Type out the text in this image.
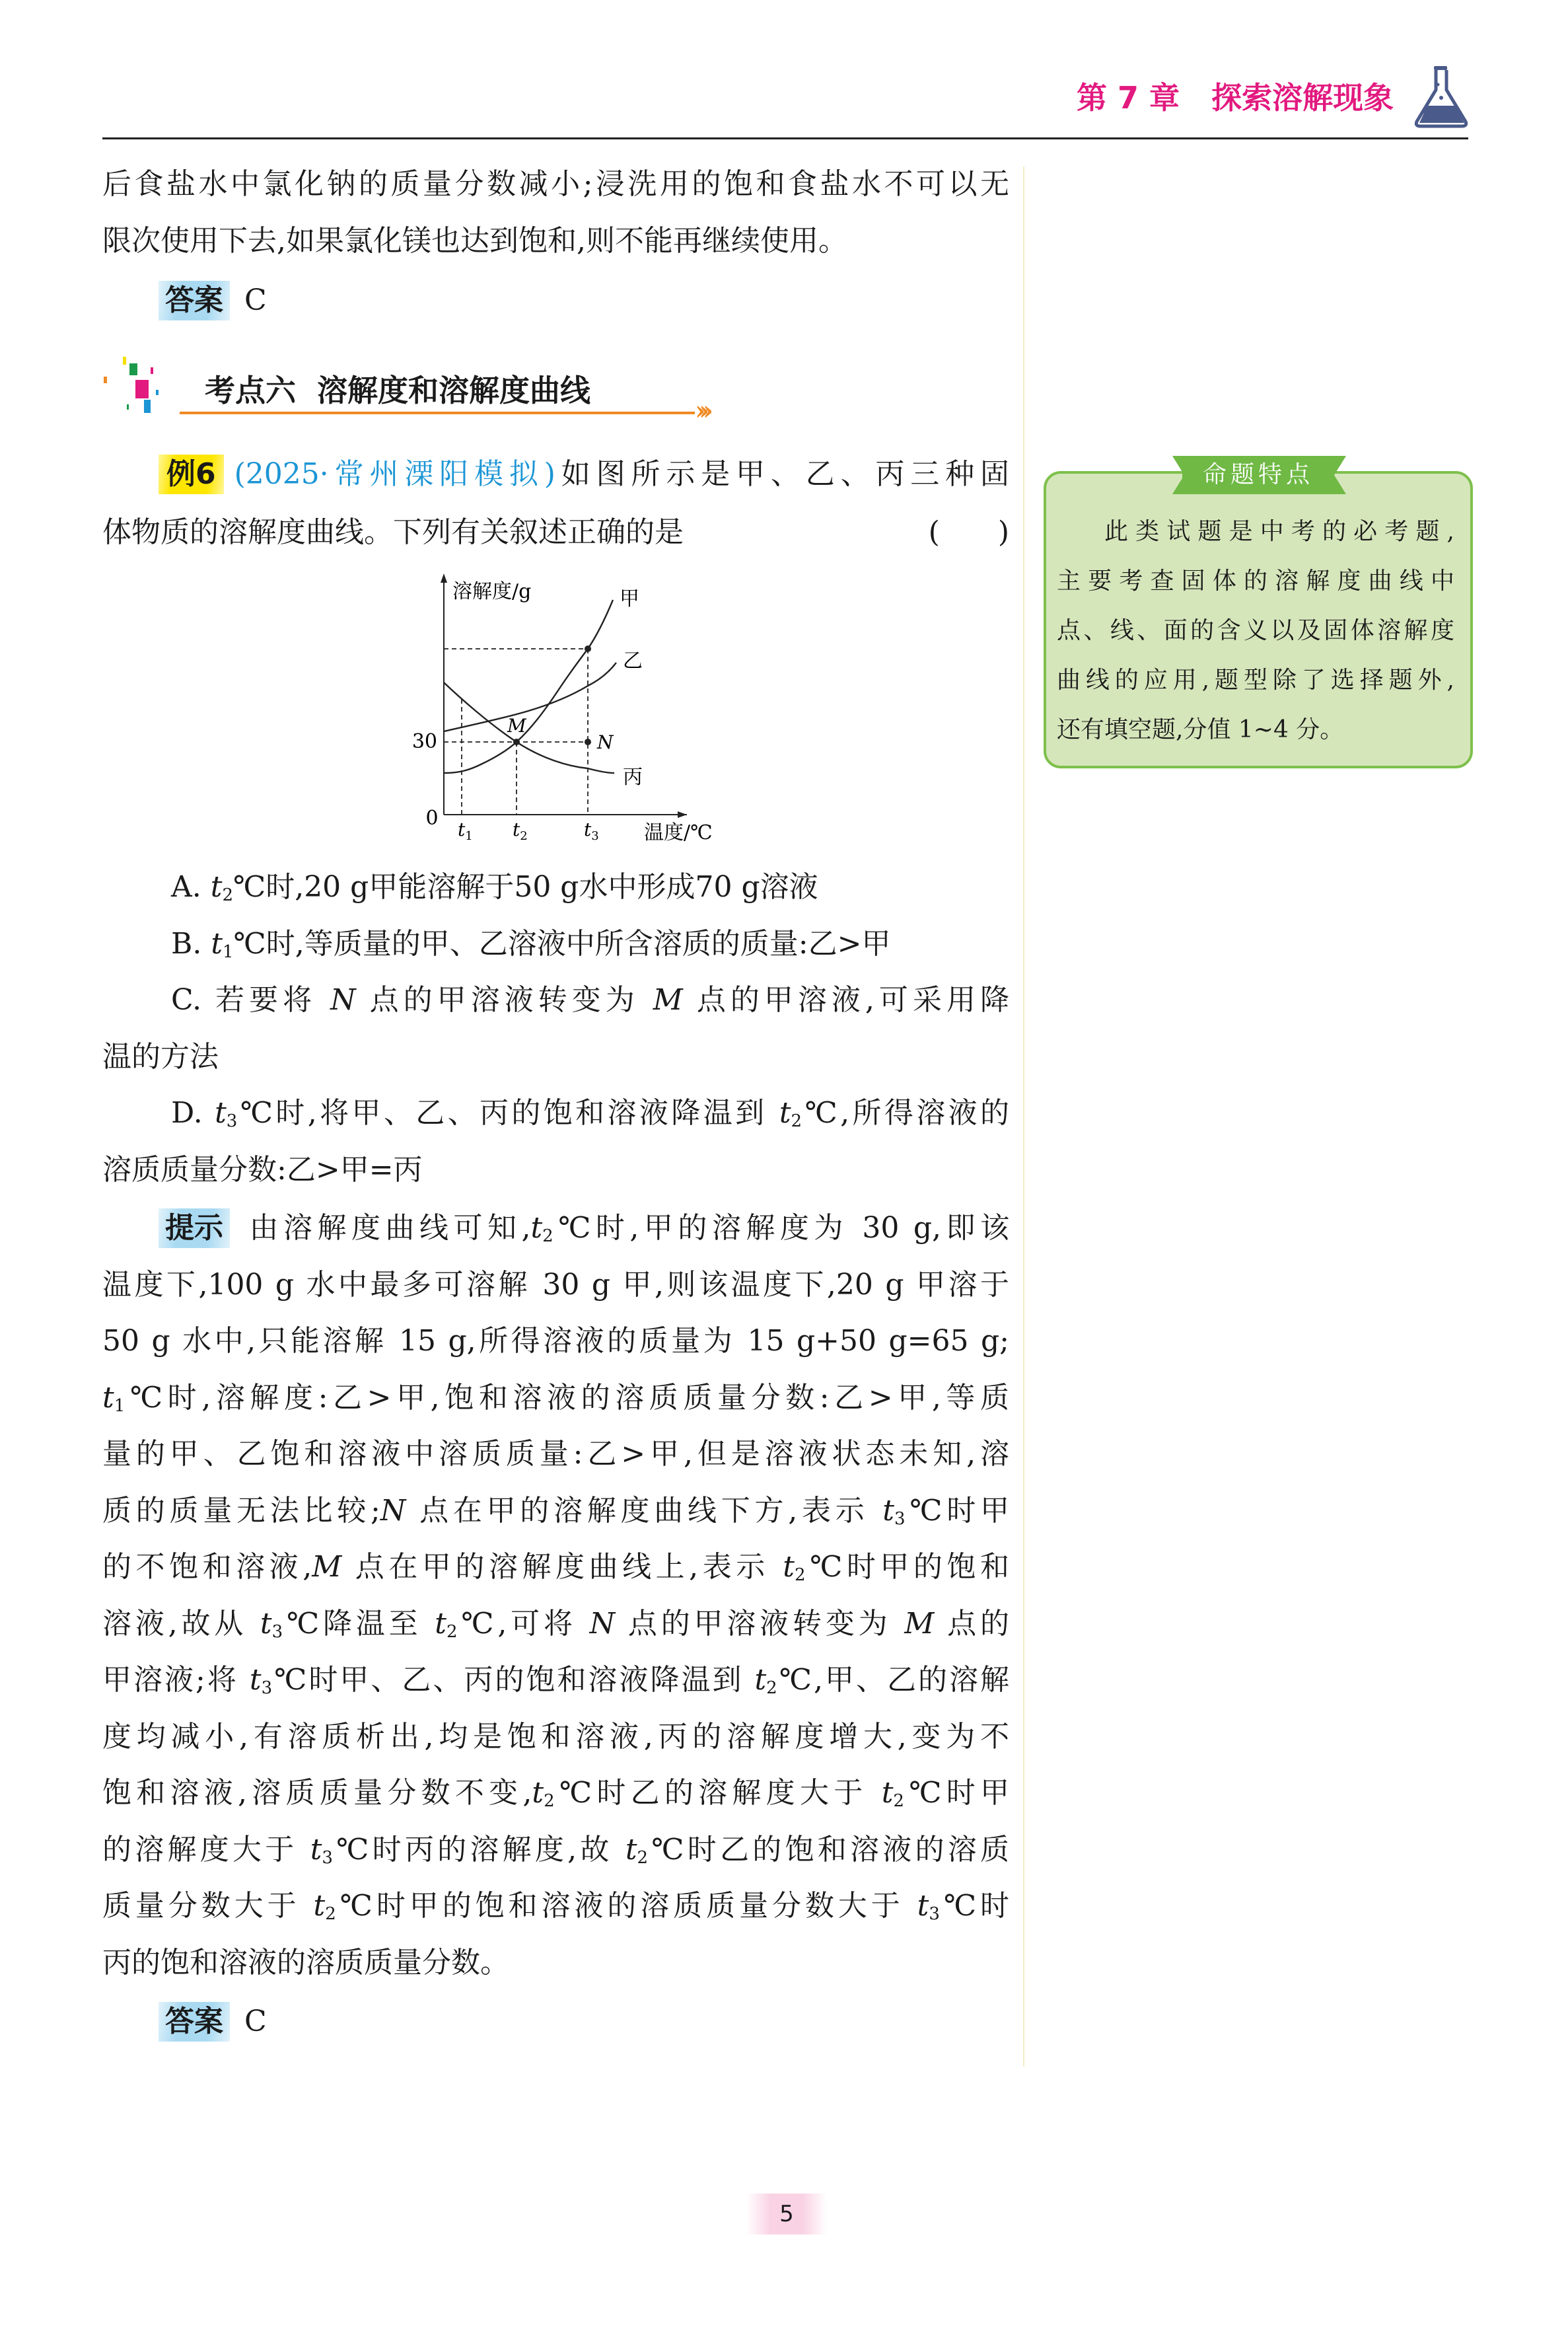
第 7 章 探索溶解现象
后食盐水中氯化钠的质量分数减小;浸洗用的饱和食盐水不可以无
限次使用下去,如果氯化镁也达到饱和,则不能再继续使用。
答案 C
考点六 溶解度和溶解度曲线
›››
例6 (2025·常州溧阳模拟)如图所示是甲、乙、丙三种固
体物质的溶解度曲线。下列有关叙述正确的是	(　　)
溶解度/g
温度/℃
30
0
甲
乙
丙
M
N
$t_1$ $t_2$	$t_3$
A. $t_2℃$时,20 g甲能溶解于50 g水中形成70 g溶液
B. $t_1℃$时,等质量的甲、乙溶液中所含溶质的质量:乙>甲
C. 若要将 N 点的甲溶液转变为 M 点的甲溶液,可采用降
温的方法
D. $t_3℃$时,将甲、乙、丙的饱和溶液降温到 $t_2℃$,所得溶液的
溶质质量分数:乙>甲=丙
提示 由溶解度曲线可知$,t_2℃$时,甲的溶解度为 30 g,即该
温度下,100 g 水中最多可溶解 30 g 甲,则该温度下,20 g 甲溶于
50 g 水中,只能溶解 15 g,所得溶液的质量为 15 g+50 g=65 g;
$t_1℃$时,溶解度:乙>甲,饱和溶液的溶质质量分数:乙>甲,等质
量的甲、乙饱和溶液中溶质质量:乙>甲,但是溶液状态未知,溶
质的质量无法比较;N 点在甲的溶解度曲线下方,表示 $t_3℃$时甲
的不饱和溶液,M 点在甲的溶解度曲线上,表示 $t_2℃$时甲的饱和
溶液,故从 $t_3℃$降温至 $t_2℃$,可将 N 点的甲溶液转变为 M 点的
甲溶液;将 $t_3℃$时甲、乙、丙的饱和溶液降温到 $t_2℃$,甲、乙的溶解
度均减小,有溶质析出,均是饱和溶液,丙的溶解度增大,变为不
饱和溶液,溶质质量分数不变$,t_2℃$时乙的溶解度大于 $t_2℃$时甲
的溶解度大于 $t_3℃$时丙的溶解度,故 $t_2℃$时乙的饱和溶液的溶质
质量分数大于 $t_2℃$时甲的饱和溶液的溶质质量分数大于 $t_3℃$时
丙的饱和溶液的溶质质量分数。
答案 C
命题特点
此类试题是中考的必考题,
主要考查固体的溶解度曲线中
点、线、面的含义以及固体溶解度
曲线的应用,题型除了选择题外,
还有填空题,分值 1~4 分。
5
